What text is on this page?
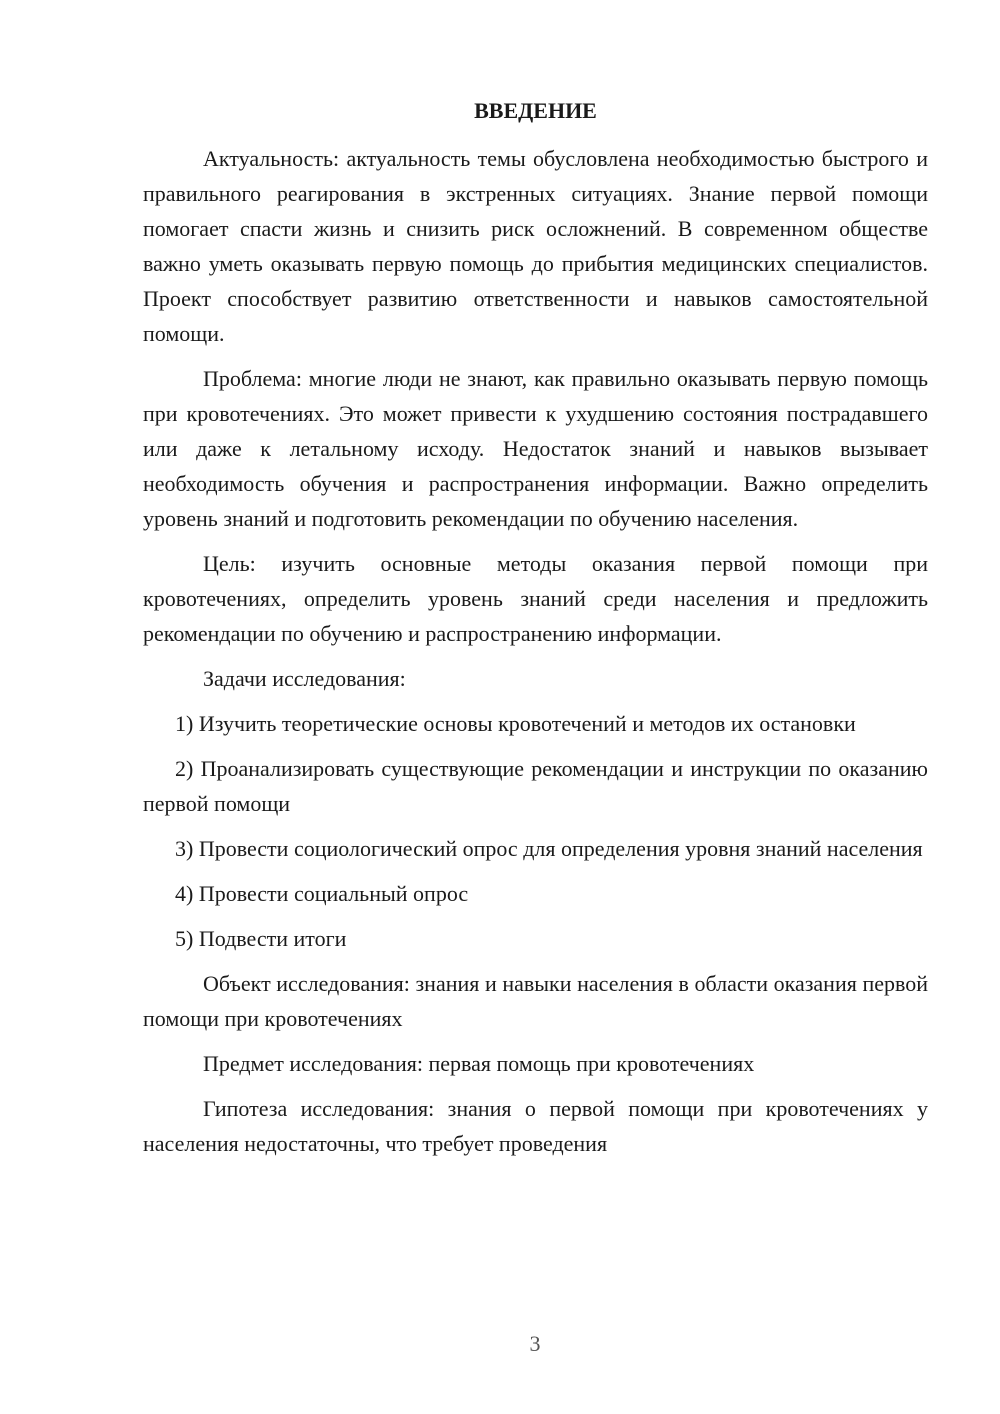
ВВЕДЕНИЕ

Актуальность: актуальность темы обусловлена необходимостью быстрого и правильного реагирования в экстренных ситуациях. Знание первой помощи помогает спасти жизнь и снизить риск осложнений. В современном обществе важно уметь оказывать первую помощь до прибытия медицинских специалистов. Проект способствует развитию ответственности и навыков самостоятельной помощи.

Проблема: многие люди не знают, как правильно оказывать первую помощь при кровотечениях. Это может привести к ухудшению состояния пострадавшего или даже к летальному исходу. Недостаток знаний и навыков вызывает необходимость обучения и распространения информации. Важно определить уровень знаний и подготовить рекомендации по обучению населения.

Цель: изучить основные методы оказания первой помощи при кровотечениях, определить уровень знаний среди населения и предложить рекомендации по обучению и распространению информации.

Задачи исследования:

1) Изучить теоретические основы кровотечений и методов их остановки

2) Проанализировать существующие рекомендации и инструкции по оказанию первой помощи

3) Провести социологический опрос для определения уровня знаний населения

4) Провести социальный опрос

5) Подвести итоги

Объект исследования: знания и навыки населения в области оказания первой помощи при кровотечениях

Предмет исследования: первая помощь при кровотечениях

Гипотеза исследования: знания о первой помощи при кровотечениях у населения недостаточны, что требует проведения

3
